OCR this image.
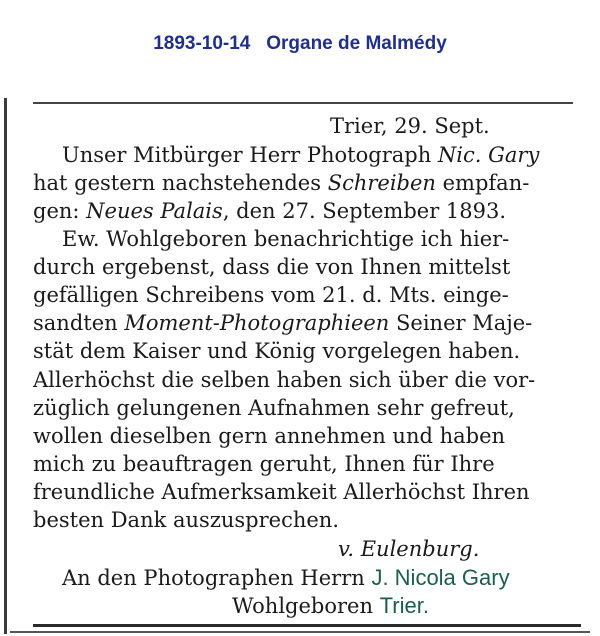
1893-10-14 Organe de Malmédy
Trier, 29. Sept.
Unser Mitbürger Herr Photograph Nic. Gary
hat gestern nachstehendes Schreiben empfan-
gen: Neues Palais, den 27. September 1893.
Ew. Wohlgeboren benachrichtige ich hier-
durch ergebenst, dass die von Ihnen mittelst
gefälligen Schreibens vom 21. d. Mts. einge-
sandten Moment-Photographieen Seiner Maje-
stät dem Kaiser und König vorgelegen haben.
Allerhöchst die selben haben sich über die vor-
züglich gelungenen Aufnahmen sehr gefreut,
wollen dieselben gern annehmen und haben
mich zu beauftragen geruht, Ihnen für Ihre
freundliche Aufmerksamkeit Allerhöchst Ihren
besten Dank auszusprechen.
v. Eulenburg.
An den Photographen Herrn J. Nicola Gary
Wohlgeboren Trier.
